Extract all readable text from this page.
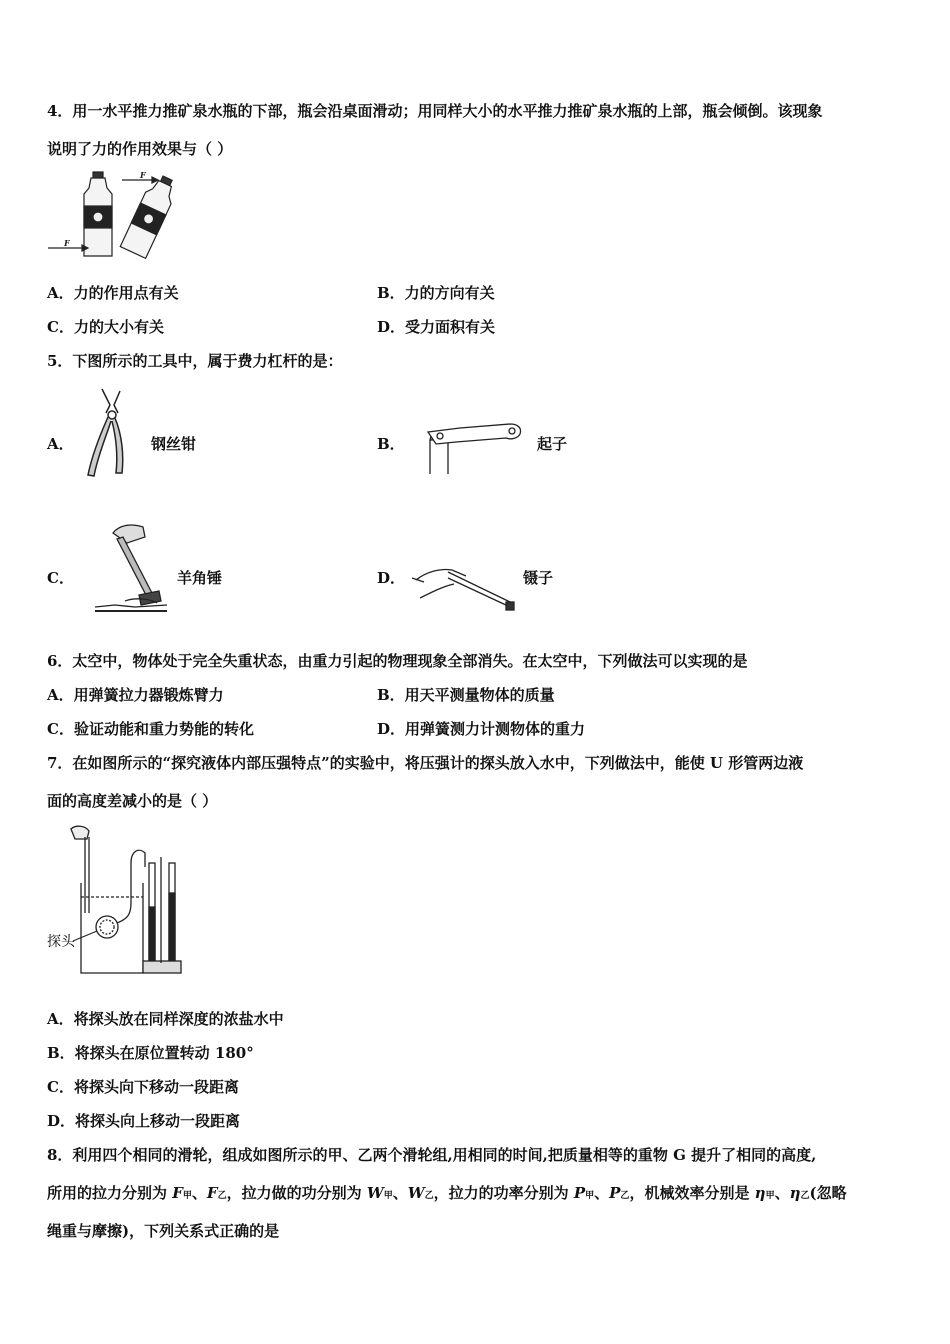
4．用一水平推力推矿泉水瓶的下部，瓶会沿桌面滑动；用同样大小的水平推力推矿泉水瓶的上部，瓶会倾倒。该现象
说明了力的作用效果与（ ）
F
F
A．力的作用点有关	B．力的方向有关
C．力的大小有关	D．受力面积有关
5．下图所示的工具中，属于费力杠杆的是：
A．	钢丝钳	B．	起子
C．	羊角锤	D．	镊子
6．太空中，物体处于完全失重状态，由重力引起的物理现象全部消失。在太空中，下列做法可以实现的是
A．用弹簧拉力器锻炼臂力	B．用天平测量物体的质量
C．验证动能和重力势能的转化	D．用弹簧测力计测物体的重力
7．在如图所示的“探究液体内部压强特点”的实验中，将压强计的探头放入水中，下列做法中，能使 U 形管两边液
面的高度差减小的是（ ）
探头
A．将探头放在同样深度的浓盐水中
B．将探头在原位置转动 180°
C．将探头向下移动一段距离
D．将探头向上移动一段距离
8．利用四个相同的滑轮，组成如图所示的甲、乙两个滑轮组,用相同的时间,把质量相等的重物 G 提升了相同的高度,
所用的拉力分别为 F甲、F乙，拉力做的功分别为 W甲、W乙，拉力的功率分别为 P甲、P乙，机械效率分别是 η甲、η乙(忽略
绳重与摩擦)，下列关系式正确的是
